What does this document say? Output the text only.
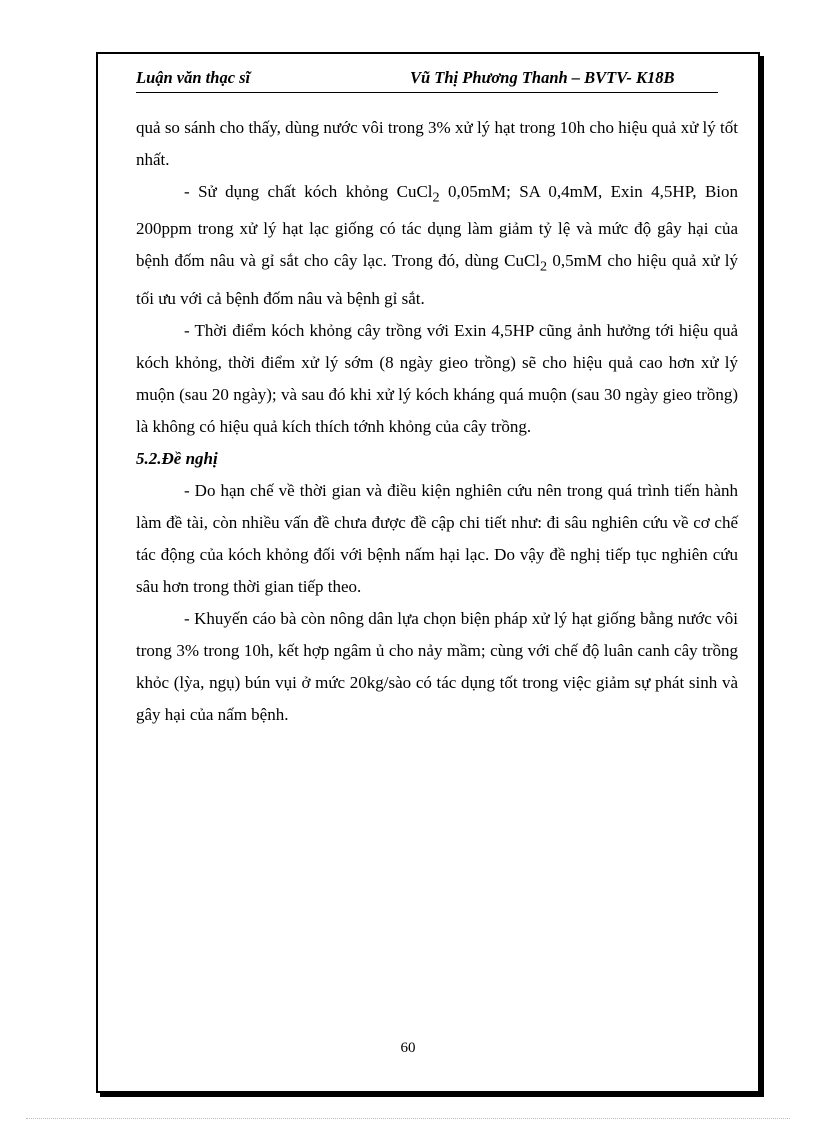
Luận văn thạc sĩ	Vũ Thị Phương Thanh – BVTV- K18B

quả so sánh cho thấy, dùng nước vôi trong 3% xử lý hạt trong 10h cho hiệu quả xử lý tốt nhất.

- Sử dụng chất kóch khỏng CuCl$_2$ 0,05mM; SA 0,4mM, Exin 4,5HP, Bion 200ppm trong xử lý hạt lạc giống có tác dụng làm giảm tỷ lệ và mức độ gây hại của bệnh đốm nâu và gỉ sắt cho cây lạc. Trong đó, dùng CuCl$_2$ 0,5mM cho hiệu quả xử lý tối ưu với cả bệnh đốm nâu và bệnh gỉ sắt.

- Thời điểm kóch khỏng cây trồng với Exin 4,5HP cũng ảnh hưởng tới hiệu quả kóch khỏng, thời điểm xử lý sớm (8 ngày gieo trồng) sẽ cho hiệu quả cao hơn xử lý muộn (sau 20 ngày); và sau đó khi xử lý kóch kháng quá muộn (sau 30 ngày gieo trồng) là không có hiệu quả kích thích tớnh khỏng của cây trồng.

5.2.Đề nghị

- Do hạn chế về thời gian và điều kiện nghiên cứu nên trong quá trình tiến hành làm đề tài, còn nhiều vấn đề chưa được đề cập chi tiết như: đi sâu nghiên cứu về cơ chế tác động của kóch khỏng đối với bệnh nấm hại lạc. Do vậy đề nghị tiếp tục nghiên cứu sâu hơn trong thời gian tiếp theo.

- Khuyến cáo bà còn nông dân lựa chọn biện pháp xử lý hạt giống bằng nước vôi trong 3% trong 10h, kết hợp ngâm ủ cho nảy mầm; cùng với chế độ luân canh cây trồng khỏc (lỳa, ngụ) bún vụi ở mức 20kg/sào có tác dụng tốt trong việc giảm sự phát sinh và gây hại của nấm bệnh.

60
